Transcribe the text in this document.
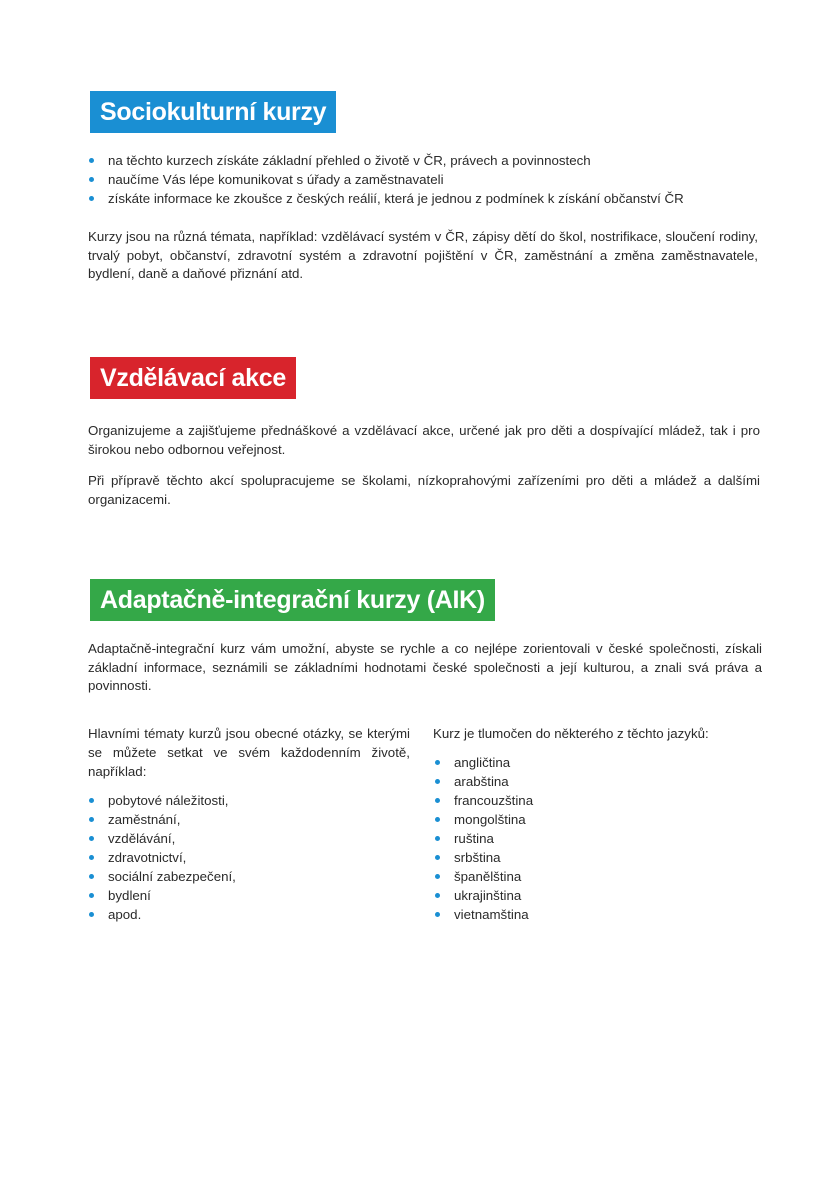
Sociokulturní kurzy
na těchto kurzech získáte základní přehled o životě v ČR, právech a povinnostech
naučíme Vás lépe komunikovat s úřady a zaměstnavateli
získáte informace ke zkoušce z českých reálií, která je jednou z podmínek k získání občanství ČR

Kurzy jsou na různá témata, například: vzdělávací systém v ČR, zápisy dětí do škol, nostrifikace, sloučení rodiny, trvalý pobyt, občanství, zdravotní systém a zdravotní pojištění v ČR, zaměstnání a změna zaměstnavatele, bydlení, daně a daňové přiznání atd.

Vzdělávací akce

Organizujeme a zajišťujeme přednáškové a vzdělávací akce, určené jak pro děti a dospívající mládež, tak i pro širokou nebo odbornou veřejnost.

Při přípravě těchto akcí spolupracujeme se školami, nízkoprahovými zařízeními pro děti a mládež a dalšími organizacemi.

Adaptačně-integrační kurzy (AIK)

Adaptačně-integrační kurz vám umožní, abyste se rychle a co nejlépe zorientovali v české společnosti, získali základní informace, seznámili se základními hodnotami české společnosti a její kulturou, a znali svá práva a povinnosti.

Hlavními tématy kurzů jsou obecné otázky, se kterými se můžete setkat ve svém každodenním životě, například:

pobytové náležitosti,
zaměstnání,
vzdělávání,
zdravotnictví,
sociální zabezpečení,
bydlení
apod.

Kurz je tlumočen do některého z těchto jazyků:

angličtina
arabština
francouzština
mongolština
ruština
srbština
španělština
ukrajinština
vietnamština
